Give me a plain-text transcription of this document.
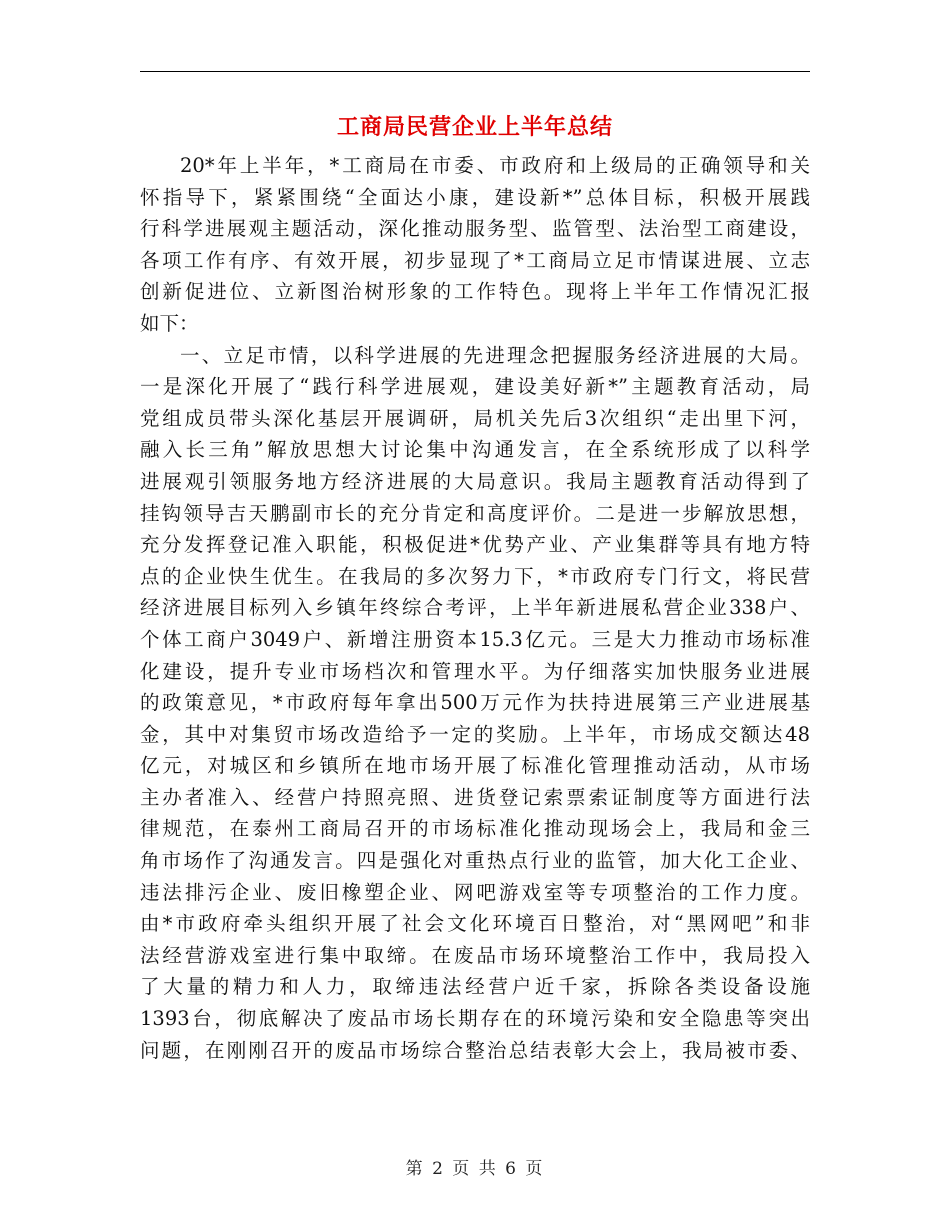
工商局民营企业上半年总结
20*年上半年，*工商局在市委、市政府和上级局的正确领导和关
怀指导下，紧紧围绕“全面达小康，建设新*”总体目标，积极开展践
行科学进展观主题活动，深化推动服务型、监管型、法治型工商建设，
各项工作有序、有效开展，初步显现了*工商局立足市情谋进展、立志
创新促进位、立新图治树形象的工作特色。现将上半年工作情况汇报
如下：
一、立足市情，以科学进展的先进理念把握服务经济进展的大局。
一是深化开展了“践行科学进展观，建设美好新*”主题教育活动，局
党组成员带头深化基层开展调研，局机关先后3次组织“走出里下河，
融入长三角”解放思想大讨论集中沟通发言，在全系统形成了以科学
进展观引领服务地方经济进展的大局意识。我局主题教育活动得到了
挂钩领导吉天鹏副市长的充分肯定和高度评价。二是进一步解放思想，
充分发挥登记准入职能，积极促进*优势产业、产业集群等具有地方特
点的企业快生优生。在我局的多次努力下，*市政府专门行文，将民营
经济进展目标列入乡镇年终综合考评，上半年新进展私营企业338户、
个体工商户3049户、新增注册资本15.3亿元。三是大力推动市场标准
化建设，提升专业市场档次和管理水平。为仔细落实加快服务业进展
的政策意见，*市政府每年拿出500万元作为扶持进展第三产业进展基
金，其中对集贸市场改造给予一定的奖励。上半年，市场成交额达48
亿元，对城区和乡镇所在地市场开展了标准化管理推动活动，从市场
主办者准入、经营户持照亮照、进货登记索票索证制度等方面进行法
律规范，在泰州工商局召开的市场标准化推动现场会上，我局和金三
角市场作了沟通发言。四是强化对重热点行业的监管，加大化工企业、
违法排污企业、废旧橡塑企业、网吧游戏室等专项整治的工作力度。
由*市政府牵头组织开展了社会文化环境百日整治，对“黑网吧”和非
法经营游戏室进行集中取缔。在废品市场环境整治工作中，我局投入
了大量的精力和人力，取缔违法经营户近千家，拆除各类设备设施
1393台，彻底解决了废品市场长期存在的环境污染和安全隐患等突出
问题，在刚刚召开的废品市场综合整治总结表彰大会上，我局被市委、
第 2 页 共 6 页
